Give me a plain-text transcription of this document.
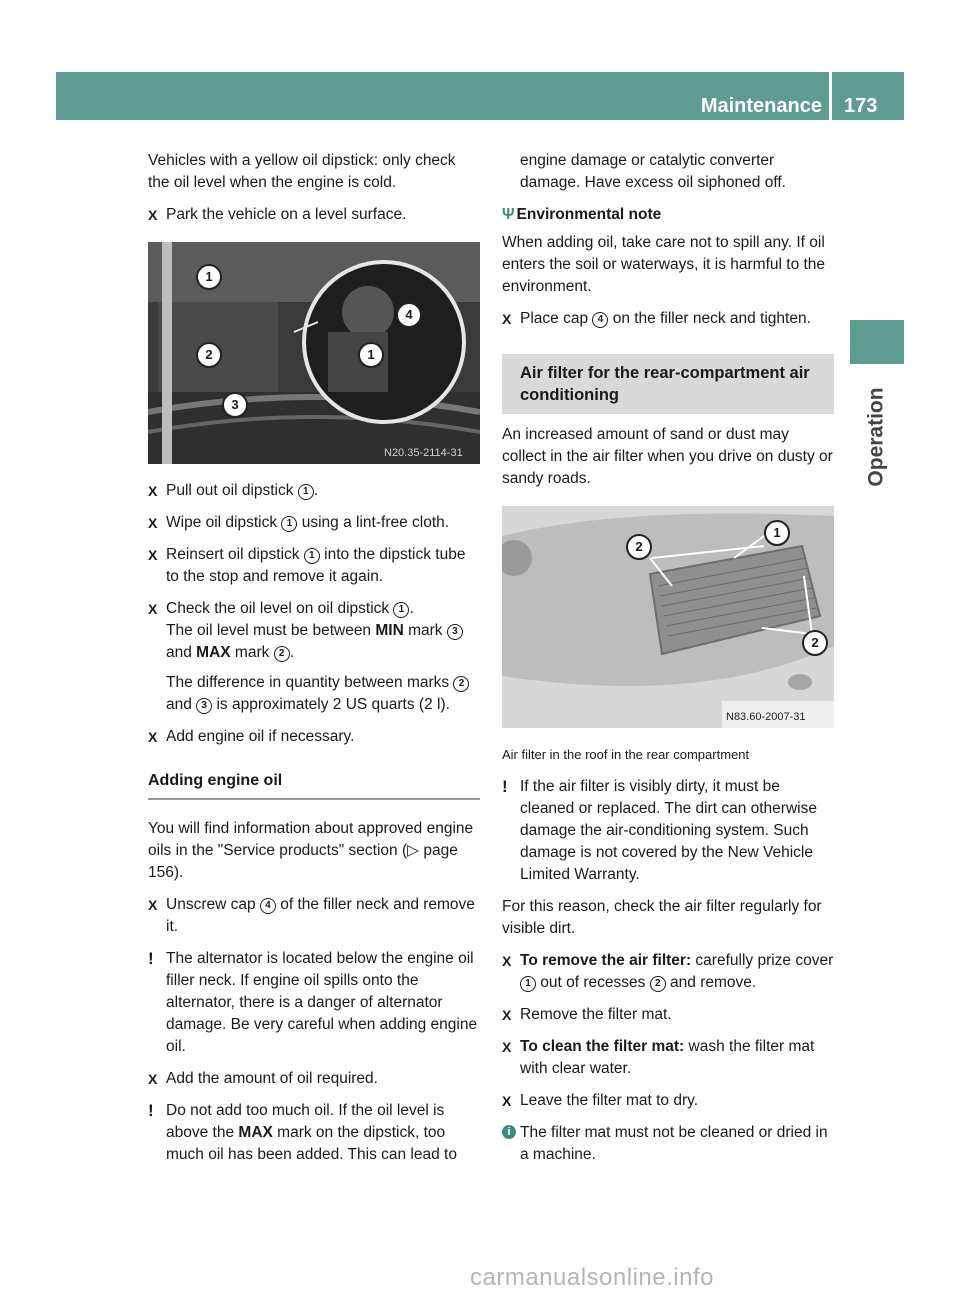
Maintenance 173
Operation

Vehicles with a yellow oil dipstick: only check the oil level when the engine is cold.

X Park the vehicle on a level surface.
N20.35-2114-31
1
2
3
4
1
X Pull out oil dipstick 1 .
X Wipe oil dipstick 1 using a lint-free cloth.
X Reinsert oil dipstick 1 into the dipstick tube to the stop and remove it again.
X Check the oil level on oil dipstick 1 .
The oil level must be between MIN mark 3 and MAX mark 2 .
The difference in quantity between marks 2 and 3 is approximately 2 US quarts (2 l).
X Add engine oil if necessary.
Adding engine oil

You will find information about approved engine oils in the "Service products" section (▷ page 156).

X Unscrew cap 4 of the filler neck and remove it.
! The alternator is located below the engine oil filler neck. If engine oil spills onto the alternator, there is a danger of alternator damage. Be very careful when adding engine oil.
X Add the amount of oil required.
! Do not add too much oil. If the oil level is above the MAX mark on the dipstick, too much oil has been added. This can lead to

engine damage or catalytic converter damage. Have excess oil siphoned off.

Ψ Environmental note

When adding oil, take care not to spill any. If oil enters the soil or waterways, it is harmful to the environment.

X Place cap 4 on the filler neck and tighten.
Air filter for the rear-compartment air conditioning

An increased amount of sand or dust may collect in the air filter when you drive on dusty or sandy roads.

N83.60-2007-31
2
1
2

Air filter in the roof in the rear compartment

! If the air filter is visibly dirty, it must be cleaned or replaced. The dirt can otherwise damage the air-conditioning system. Such damage is not covered by the New Vehicle Limited Warranty.

For this reason, check the air filter regularly for visible dirt.

X To remove the air filter: carefully prize cover 1 out of recesses 2 and remove.
X Remove the filter mat.
X To clean the filter mat: wash the filter mat with clear water.
X Leave the filter mat to dry.
i The filter mat must not be cleaned or dried in a machine.
carmanualsonline.info
